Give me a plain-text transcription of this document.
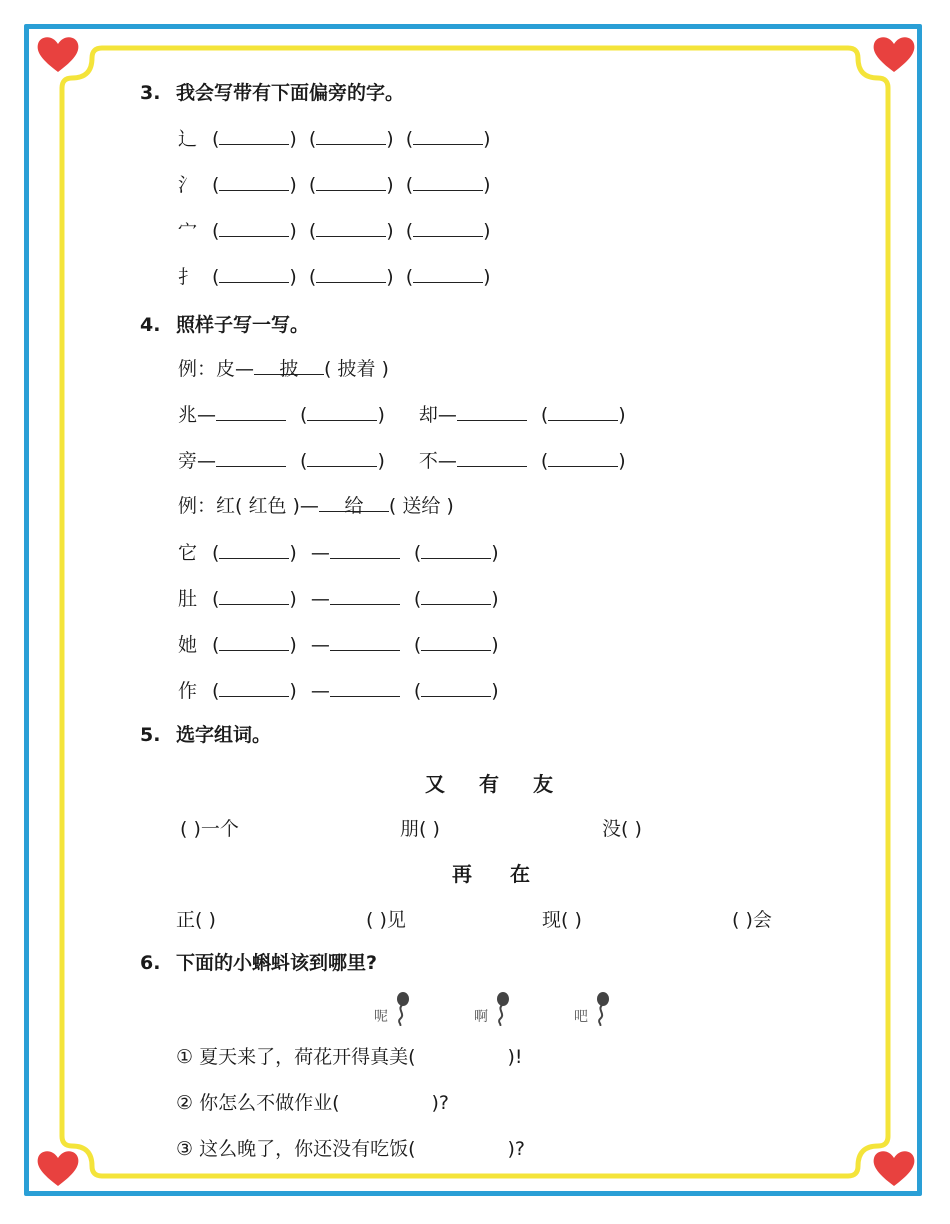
3. 我会写带有下面偏旁的字。
辶 (	) (	) (	)
氵 (	) (	) (	)
宀 (	) (	) (	)
扌 (	) (	) (	)
4. 照样子写一写。
例：皮— 披 ( 披着 )
兆—	(	) 却—	(	)
旁—	(	) 不—	(	)
例：红( 红色 )— 给 ( 送给 )
它 (	) —	(	)
肚 (	) —	(	)
她 (	) —	(	)
作 (	) —	(	)
5. 选字组词。
又 有 友
( )一个	朋( )	没( )
再 在
正( )	( )见	现( )	( )会
6. 下面的小蝌蚪该到哪里?
呢	啊	吧
① 夏天来了，荷花开得真美(	)!
② 你怎么不做作业(	)?
③ 这么晚了，你还没有吃饭(	)?
